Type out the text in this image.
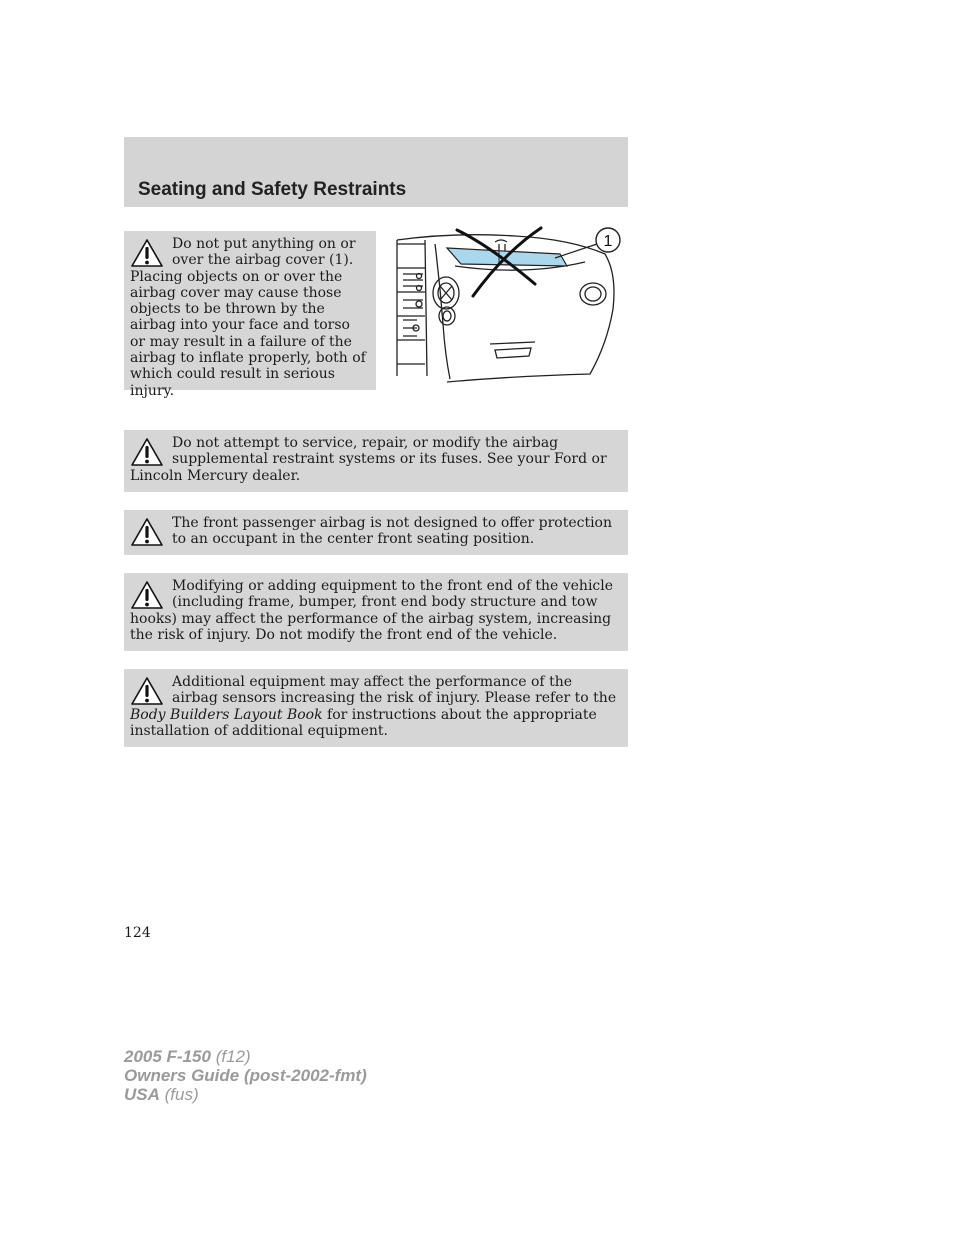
Seating and Safety Restraints

Do not put anything on or over the airbag cover (1). Placing objects on or over the airbag cover may cause those objects to be thrown by the airbag into your face and torso or may result in a failure of the airbag to inflate properly, both of which could result in serious injury.

1

Do not attempt to service, repair, or modify the airbag supplemental restraint systems or its fuses. See your Ford or Lincoln Mercury dealer.

The front passenger airbag is not designed to offer protection to an occupant in the center front seating position.

Modifying or adding equipment to the front end of the vehicle (including frame, bumper, front end body structure and tow hooks) may affect the performance of the airbag system, increasing the risk of injury. Do not modify the front end of the vehicle.

Additional equipment may affect the performance of the airbag sensors increasing the risk of injury. Please refer to the Body Builders Layout Book for instructions about the appropriate installation of additional equipment.

124
2005 F-150 (f12)
Owners Guide (post-2002-fmt)
USA (fus)
